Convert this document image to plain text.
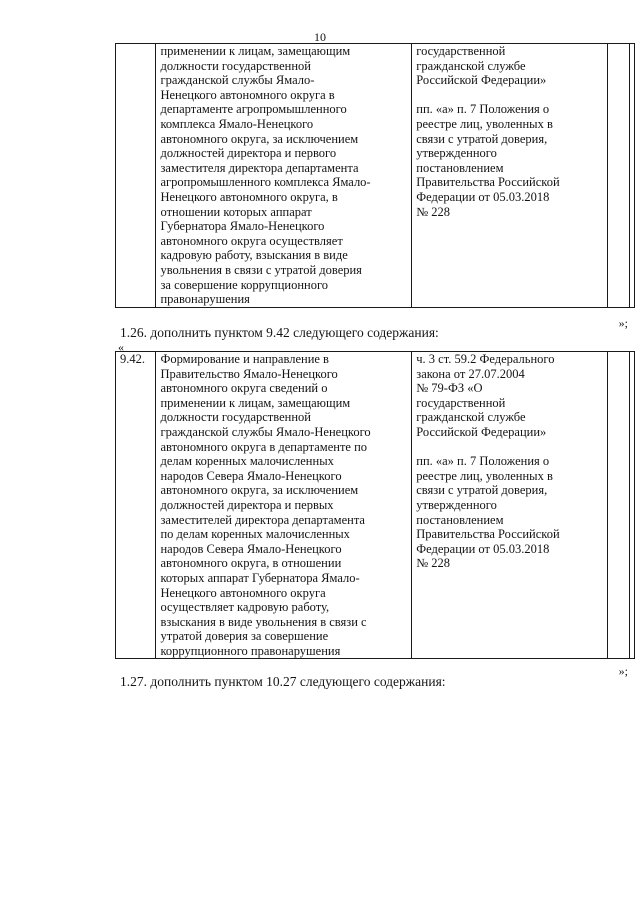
10
	применении к лицам, замещающим
должности государственной
гражданской службы Ямало-
Ненецкого автономного округа в
департаменте агропромышленного
комплекса Ямало-Ненецкого
автономного округа, за исключением
должностей директора и первого
заместителя директора департамента
агропромышленного комплекса Ямало-
Ненецкого автономного округа, в
отношении которых аппарат
Губернатора Ямало-Ненецкого
автономного округа осуществляет
кадровую работу, взыскания в виде
увольнения в связи с утратой доверия
за совершение коррупционного
правонарушения	государственной
гражданской службе
Российской Федерации»

пп. «а» п. 7 Положения о
реестре лиц, уволенных в
связи с утратой доверия,
утвержденного
постановлением
Правительства Российской
Федерации от 05.03.2018
№ 228		
»;
1.26. дополнить пунктом 9.42 следующего содержания:
«
9.42.	Формирование и направление в
Правительство Ямало-Ненецкого
автономного округа сведений о
применении к лицам, замещающим
должности государственной
гражданской службы Ямало-Ненецкого
автономного округа в департаменте по
делам коренных малочисленных
народов Севера Ямало-Ненецкого
автономного округа, за исключением
должностей директора и первых
заместителей директора департамента
по делам коренных малочисленных
народов Севера Ямало-Ненецкого
автономного округа, в отношении
которых аппарат Губернатора Ямало-
Ненецкого автономного округа
осуществляет кадровую работу,
взыскания в виде увольнения в связи с
утратой доверия за совершение
коррупционного правонарушения	ч. 3 ст. 59.2 Федерального
закона от 27.07.2004
№ 79-ФЗ «О
государственной
гражданской службе
Российской Федерации»

пп. «а» п. 7 Положения о
реестре лиц, уволенных в
связи с утратой доверия,
утвержденного
постановлением
Правительства Российской
Федерации от 05.03.2018
№ 228		
»;
1.27. дополнить пунктом 10.27 следующего содержания:
